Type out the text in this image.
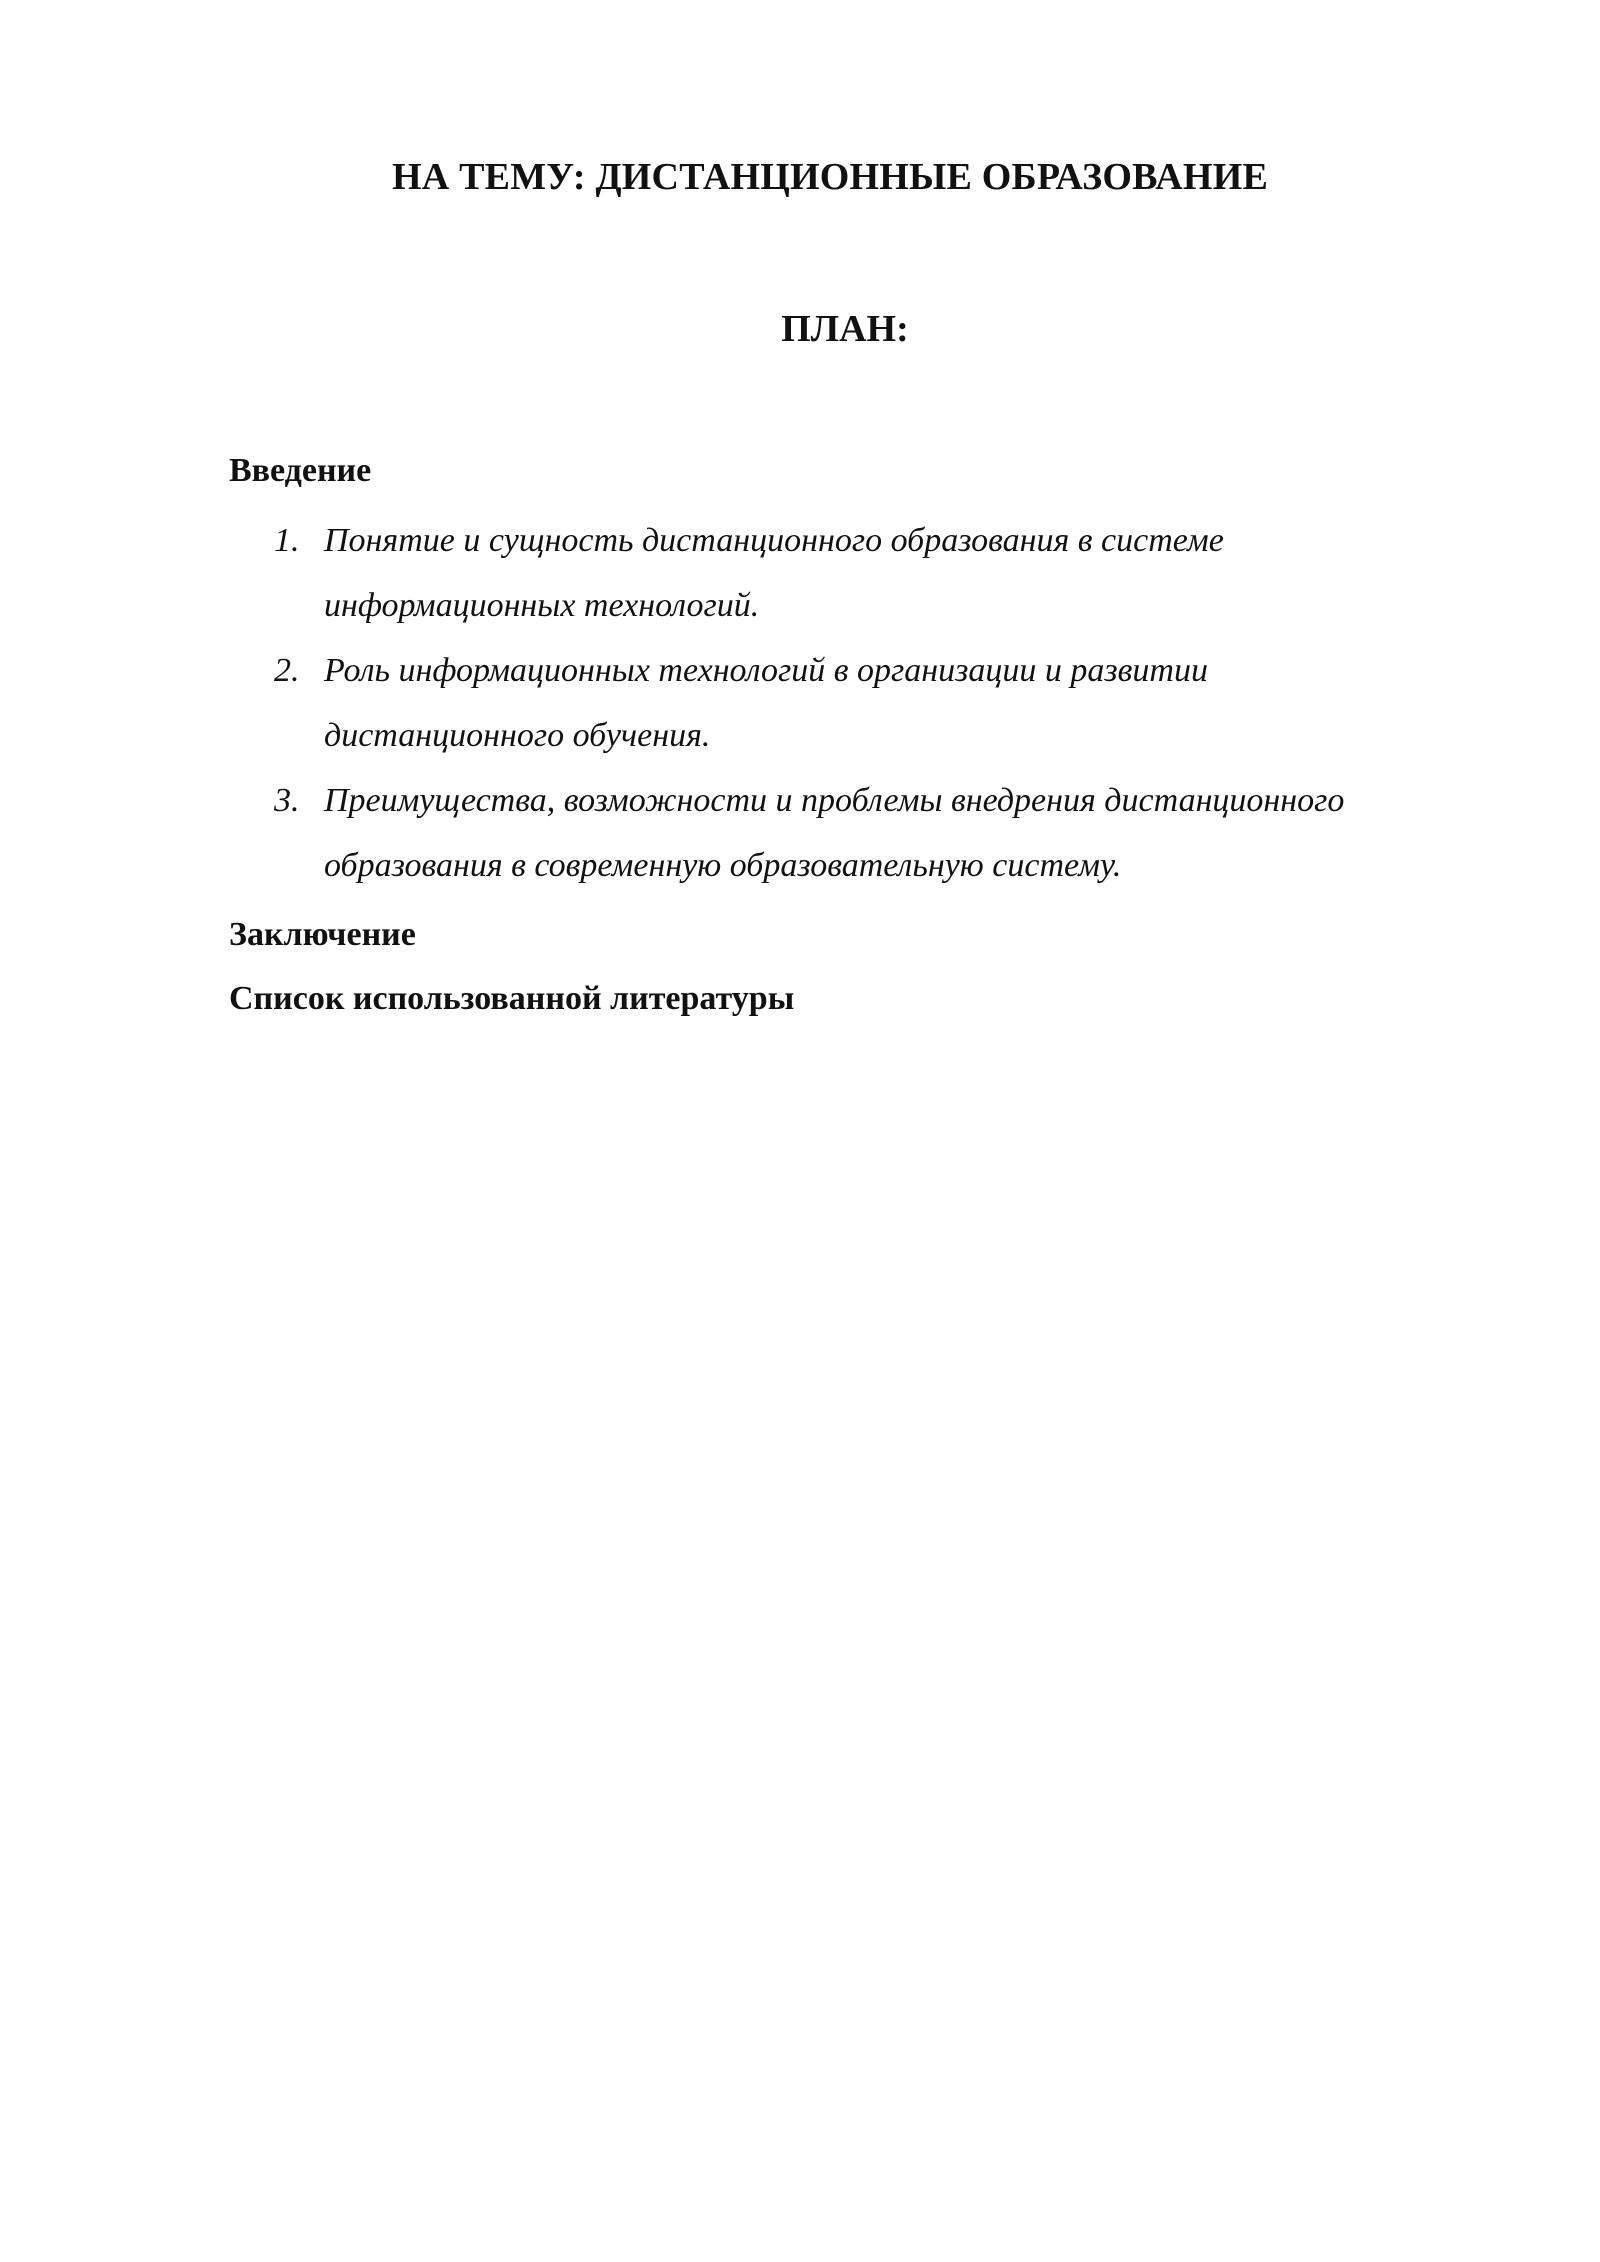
НА ТЕМУ: ДИСТАНЦИОННЫЕ ОБРАЗОВАНИЕ
ПЛАН:
Введение
1. Понятие и сущность дистанционного образования в системе
информационных технологий.
2. Роль информационных технологий в организации и развитии
дистанционного обучения.
3. Преимущества, возможности и проблемы внедрения дистанционного
образования в современную образовательную систему.
Заключение
Список использованной литературы
